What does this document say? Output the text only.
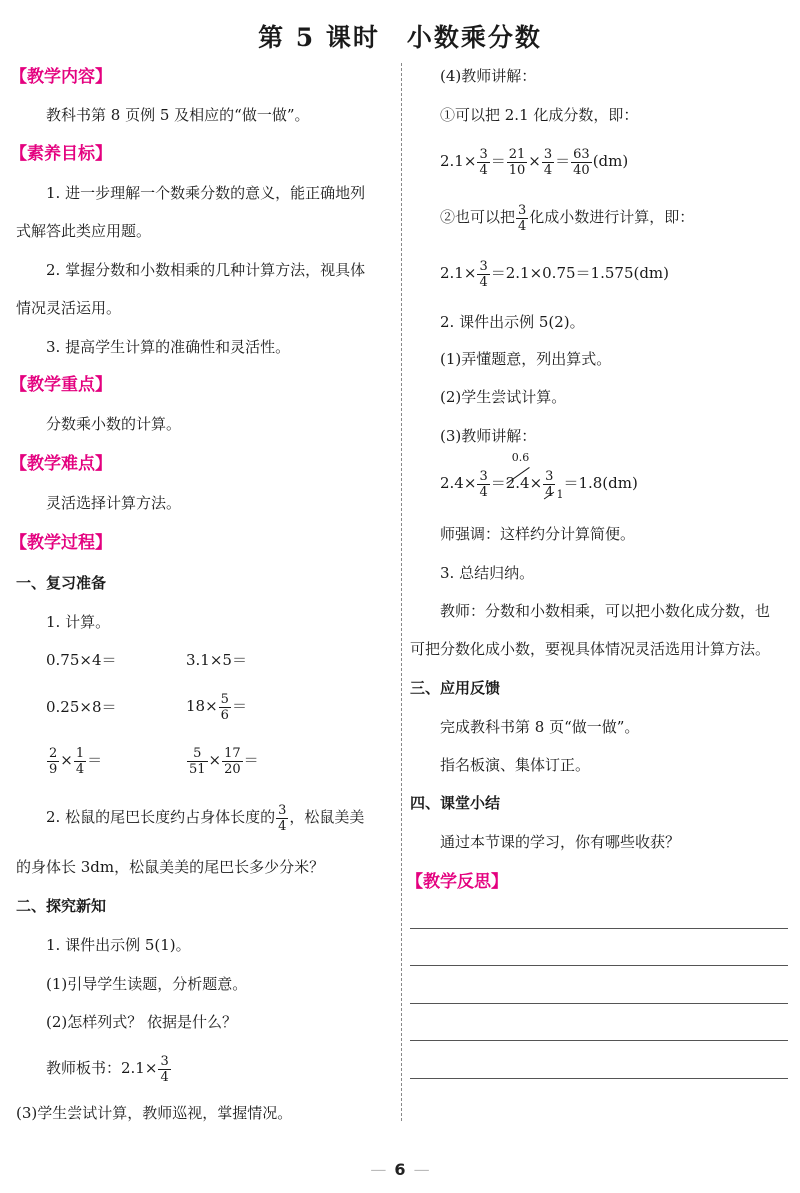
第 5 课时　小数乘分数
【教学内容】
教科书第 8 页例 5 及相应的“做一做”。
【素养目标】
1. 进一步理解一个数乘分数的意义，能正确地列
式解答此类应用题。
2. 掌握分数和小数相乘的几种计算方法，视具体
情况灵活运用。
3. 提高学生计算的准确性和灵活性。
【教学重点】
分数乘小数的计算。
【教学难点】
灵活选择计算方法。
【教学过程】
一、复习准备
1. 计算。
0.75×4＝	3.1×5＝
0.25×8＝	$18\times \frac{5}{6}$ ＝
$\frac{2}{9} \times \frac{1}{4}$ ＝	$\frac{5}{51} \times \frac{17}{20}$ ＝
2. 松鼠的尾巴长度约占身体长度的 $\frac{3}{4}$ ，松鼠美美
的身体长 3dm，松鼠美美的尾巴长多少分米？
二、探究新知
1. 课件出示例 5(1)。
(1)引导学生读题，分析题意。
(2)怎样列式？ 依据是什么？
教师板书：$2.1\times \frac{3}{4}$
(3)学生尝试计算，教师巡视，掌握情况。
(4)教师讲解：
①可以把 2.1 化成分数，即：
$2.1\times \frac{3}{4} = \frac{21}{10} \times \frac{3}{4} = \frac{63}{40} (dm)$
②也可以把 $\frac{3}{4}$ 化成小数进行计算，即：
$2.1\times \frac{3}{4} =2.1\times 0.75=1.575(dm)$
2. 课件出示例 5(2)。
(1)弄懂题意，列出算式。
(2)学生尝试计算。
(3)教师讲解：
$2.4\times \frac{3}{4}$ ＝
0.6
$2.4\times \frac{3}{4} _1=1.8(dm)$
师强调：这样约分计算简便。
3. 总结归纳。
教师：分数和小数相乘，可以把小数化成分数，也
可把分数化成小数，要视具体情况灵活选用计算方法。
三、应用反馈
完成教科书第 8 页“做一做”。
指名板演、集体订正。
四、课堂小结
通过本节课的学习，你有哪些收获？
【教学反思】
— 6 —
